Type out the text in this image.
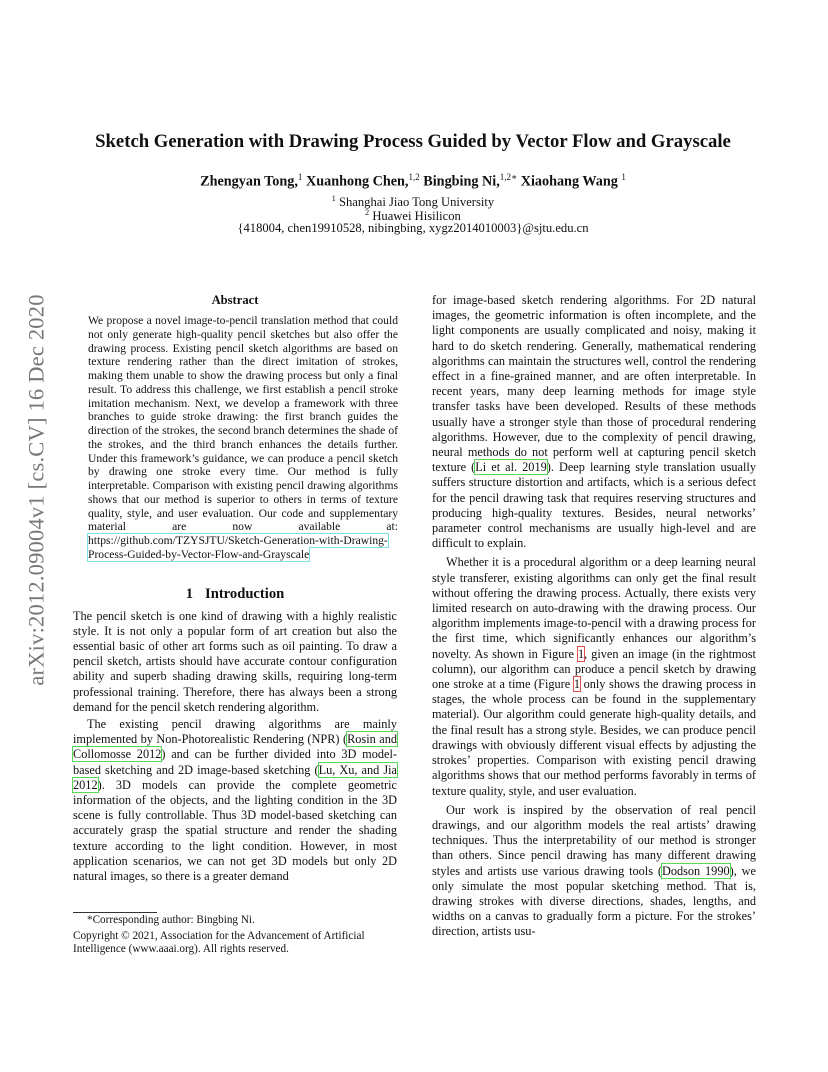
arXiv:2012.09004v1 [cs.CV] 16 Dec 2020
Sketch Generation with Drawing Process Guided by Vector Flow and Grayscale
Zhengyan Tong,$^1$ Xuanhong Chen,$^{1,2}$ Bingbing Ni,$^{1,2∗}$ Xiaohang Wang $^1$
$^1$ Shanghai Jiao Tong University
$^2$ Huawei Hisilicon
{418004, chen19910528, nibingbing, xygz2014010003}@sjtu.edu.cn
Abstract

We propose a novel image-to-pencil translation method that could not only generate high-quality pencil sketches but also offer the drawing process. Existing pencil sketch algorithms are based on texture rendering rather than the direct imitation of strokes, making them unable to show the drawing process but only a final result. To address this challenge, we first establish a pencil stroke imitation mechanism. Next, we develop a framework with three branches to guide stroke drawing: the first branch guides the direction of the strokes, the second branch determines the shade of the strokes, and the third branch enhances the details further. Under this framework’s guidance, we can produce a pencil sketch by drawing one stroke every time. Our method is fully interpretable. Comparison with existing pencil drawing algorithms shows that our method is superior to others in terms of texture quality, style, and user evaluation. Our code and supplementary material are now available at: https://github.com/TZYSJTU/Sketch-Generation-with-Drawing-Process-Guided-by-Vector-Flow-and-Grayscale

1 Introduction

The pencil sketch is one kind of drawing with a highly realistic style. It is not only a popular form of art creation but also the essential basic of other art forms such as oil painting. To draw a pencil sketch, artists should have accurate contour configuration ability and superb shading drawing skills, requiring long-term professional training. Therefore, there has always been a strong demand for the pencil sketch rendering algorithm.

The existing pencil drawing algorithms are mainly implemented by Non-Photorealistic Rendering (NPR) (Rosin and Collomosse 2012) and can be further divided into 3D model-based sketching and 2D image-based sketching (Lu, Xu, and Jia 2012). 3D models can provide the complete geometric information of the objects, and the lighting condition in the 3D scene is fully controllable. Thus 3D model-based sketching can accurately grasp the spatial structure and render the shading texture according to the light condition. However, in most application scenarios, we can not get 3D models but only 2D natural images, so there is a greater demand

*Corresponding author: Bingbing Ni.
Copyright © 2021, Association for the Advancement of Artificial Intelligence (www.aaai.org). All rights reserved.

for image-based sketch rendering algorithms. For 2D natural images, the geometric information is often incomplete, and the light components are usually complicated and noisy, making it hard to do sketch rendering. Generally, mathematical rendering algorithms can maintain the structures well, control the rendering effect in a fine-grained manner, and are often interpretable. In recent years, many deep learning methods for image style transfer tasks have been developed. Results of these methods usually have a stronger style than those of procedural rendering algorithms. However, due to the complexity of pencil drawing, neural methods do not perform well at capturing pencil sketch texture (Li et al. 2019). Deep learning style translation usually suffers structure distortion and artifacts, which is a serious defect for the pencil drawing task that requires reserving structures and producing high-quality textures. Besides, neural networks’ parameter control mechanisms are usually high-level and are difficult to explain.

Whether it is a procedural algorithm or a deep learning neural style transferer, existing algorithms can only get the final result without offering the drawing process. Actually, there exists very limited research on auto-drawing with the drawing process. Our algorithm implements image-to-pencil with a drawing process for the first time, which significantly enhances our algorithm’s novelty. As shown in Figure 1, given an image (in the rightmost column), our algorithm can produce a pencil sketch by drawing one stroke at a time (Figure 1 only shows the drawing process in stages, the whole process can be found in the supplementary material). Our algorithm could generate high-quality details, and the final result has a strong style. Besides, we can produce pencil drawings with obviously different visual effects by adjusting the strokes’ properties. Comparison with existing pencil drawing algorithms shows that our method performs favorably in terms of texture quality, style, and user evaluation.

Our work is inspired by the observation of real pencil drawings, and our algorithm models the real artists’ drawing techniques. Thus the interpretability of our method is stronger than others. Since pencil drawing has many different drawing styles and artists use various drawing tools (Dodson 1990), we only simulate the most popular sketching method. That is, drawing strokes with diverse directions, shades, lengths, and widths on a canvas to gradually form a picture. For the strokes’ direction, artists usu-
